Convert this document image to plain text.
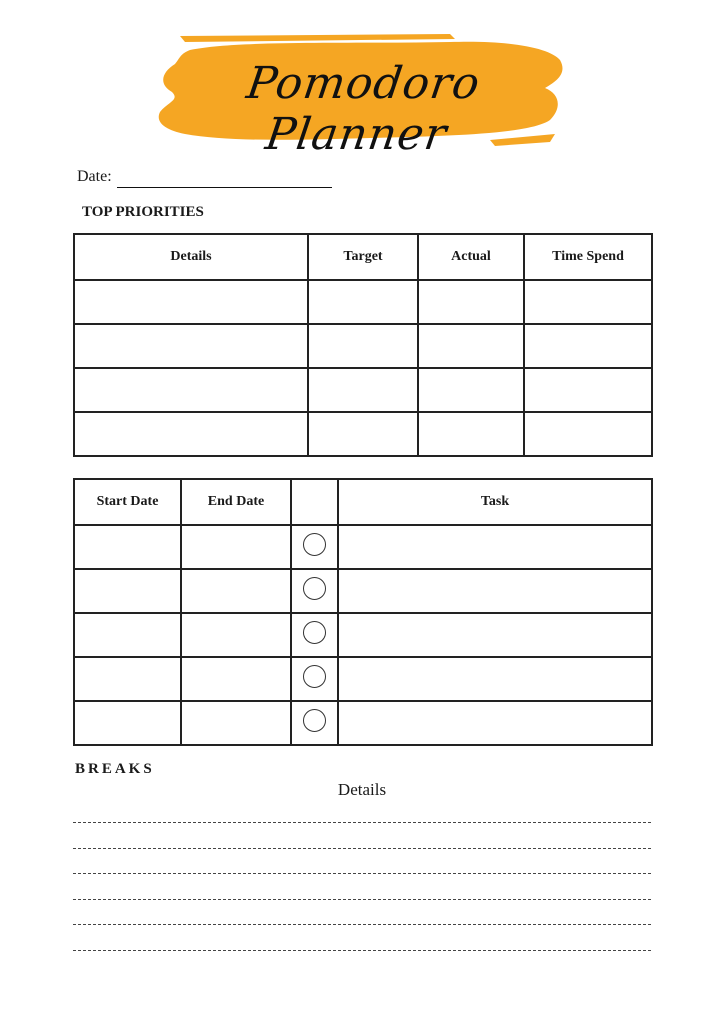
Pomodoro Planner
Date:
TOP PRIORITIES
Details	Target	Actual	Time Spend

Start Date	End Date		Task

BREAKS
Details
